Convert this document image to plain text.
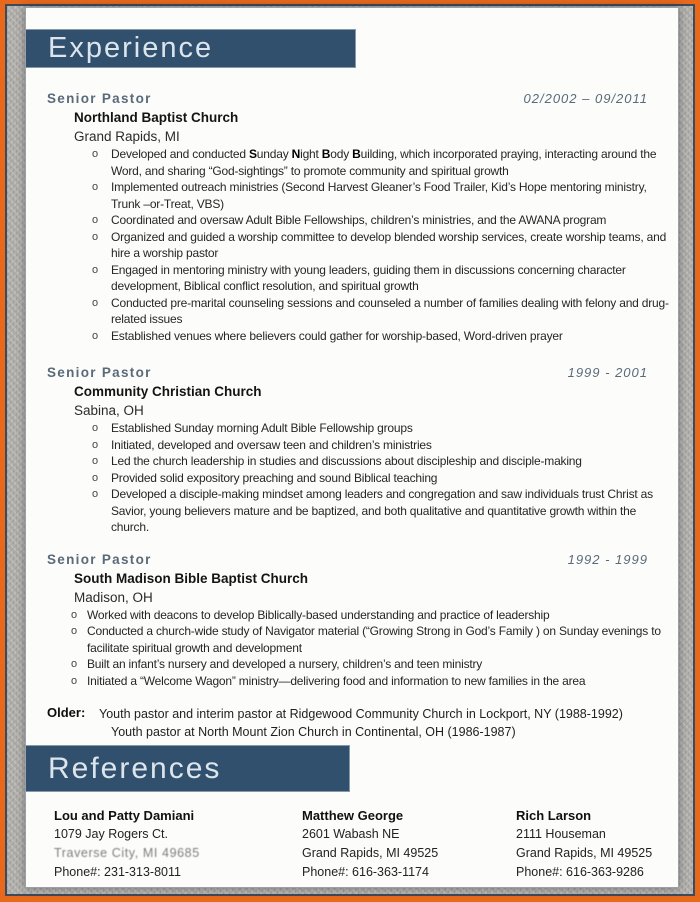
Experience
Senior Pastor	02/2002 – 09/2011
Northland Baptist Church
Grand Rapids, MI
o Developed and conducted Sunday Night Body Building, which incorporated praying, interacting around the Word, and sharing “God-sightings” to promote community and spiritual growth
o Implemented outreach ministries (Second Harvest Gleaner’s Food Trailer, Kid’s Hope mentoring ministry, Trunk –or-Treat, VBS)
o Coordinated and oversaw Adult Bible Fellowships, children’s ministries, and the AWANA program
o Organized and guided a worship committee to develop blended worship services, create worship teams, and hire a worship pastor
o Engaged in mentoring ministry with young leaders, guiding them in discussions concerning character development, Biblical conflict resolution, and spiritual growth
o Conducted pre-marital counseling sessions and counseled a number of families dealing with felony and drug-related issues
o Established venues where believers could gather for worship-based, Word-driven prayer
Senior Pastor	1999 - 2001
Community Christian Church
Sabina, OH
o Established Sunday morning Adult Bible Fellowship groups
o Initiated, developed and oversaw teen and children’s ministries
o Led the church leadership in studies and discussions about discipleship and disciple-making
o Provided solid expository preaching and sound Biblical teaching
o Developed a disciple-making mindset among leaders and congregation and saw individuals trust Christ as Savior, young believers mature and be baptized, and both qualitative and quantitative growth within the church.
Senior Pastor	1992 - 1999
South Madison Bible Baptist Church
Madison, OH
o Worked with deacons to develop Biblically-based understanding and practice of leadership
o Conducted a church-wide study of Navigator material (“Growing Strong in God’s Family ) on Sunday evenings to facilitate spiritual growth and development
o Built an infant’s nursery and developed a nursery, children’s and teen ministry
o Initiated a “Welcome Wagon” ministry—delivering food and information to new families in the area
Older:	Youth pastor and interim pastor at Ridgewood Community Church in Lockport, NY (1988-1992)
Youth pastor at North Mount Zion Church in Continental, OH (1986-1987)
References
Lou and Patty Damiani
1079 Jay Rogers Ct.
Traverse City, MI 49685
Phone#: 231-313-8011
Matthew George
2601 Wabash NE
Grand Rapids, MI 49525
Phone#: 616-363-1174
Rich Larson
2111 Houseman
Grand Rapids, MI 49525
Phone#: 616-363-9286
